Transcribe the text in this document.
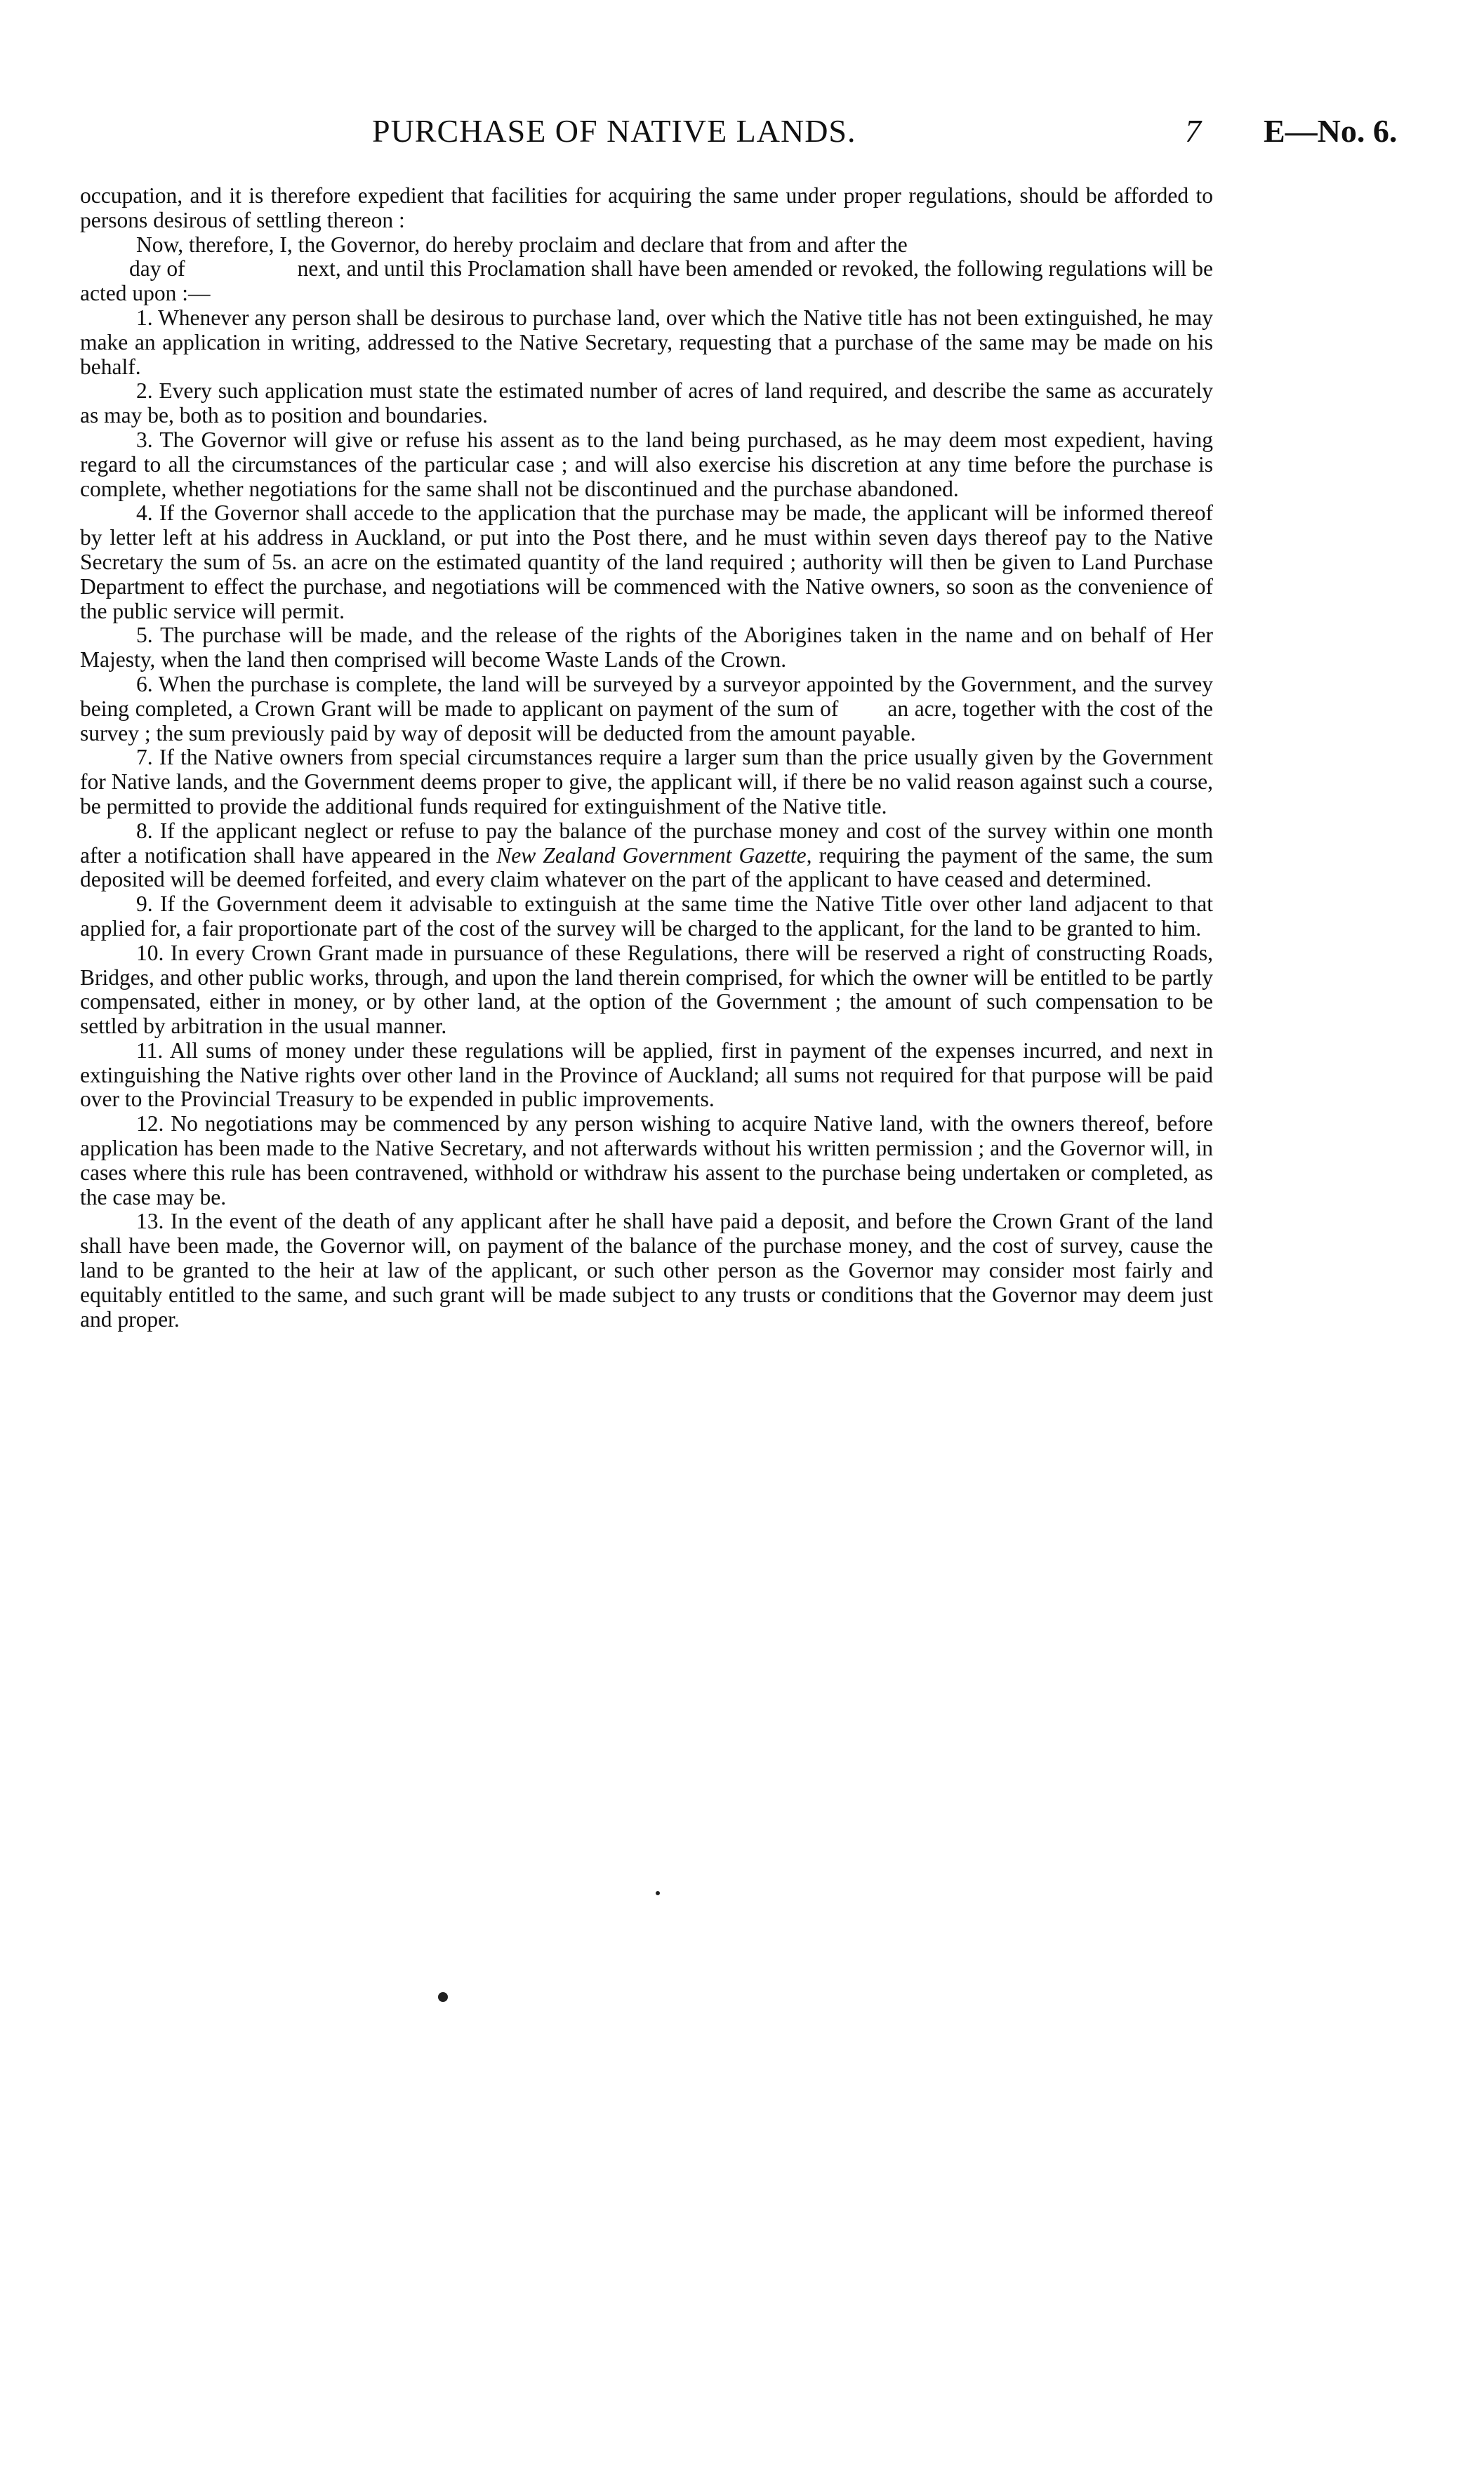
PURCHASE OF NATIVE LANDS.	7 E—No. 6.

occupation, and it is therefore expedient that facilities for acquiring the same under proper regulations, should be afforded to persons desirous of settling thereon :

Now, therefore, I, the Governor, do hereby proclaim and declare that from and after the
day of	next, and until this Proclamation shall have been amended or revoked, the following regulations will be acted upon :—

1. Whenever any person shall be desirous to purchase land, over which the Native title has not been extinguished, he may make an application in writing, addressed to the Native Secretary, requesting that a purchase of the same may be made on his behalf.

2. Every such application must state the estimated number of acres of land required, and describe the same as accurately as may be, both as to position and boundaries.

3. The Governor will give or refuse his assent as to the land being purchased, as he may deem most expedient, having regard to all the circumstances of the particular case ; and will also exercise his discretion at any time before the purchase is complete, whether negotiations for the same shall not be discontinued and the purchase abandoned.

4. If the Governor shall accede to the application that the purchase may be made, the applicant will be informed thereof by letter left at his address in Auckland, or put into the Post there, and he must within seven days thereof pay to the Native Secretary the sum of 5s. an acre on the estimated quantity of the land required ; authority will then be given to Land Purchase Department to effect the purchase, and negotiations will be commenced with the Native owners, so soon as the convenience of the public service will permit.

5. The purchase will be made, and the release of the rights of the Aborigines taken in the name and on behalf of Her Majesty, when the land then comprised will become Waste Lands of the Crown.

6. When the purchase is complete, the land will be surveyed by a surveyor appointed by the Government, and the survey being completed, a Crown Grant will be made to applicant on payment of the sum of an acre, together with the cost of the survey ; the sum previously paid by way of deposit will be deducted from the amount payable.

7. If the Native owners from special circumstances require a larger sum than the price usually given by the Government for Native lands, and the Government deems proper to give, the applicant will, if there be no valid reason against such a course, be permitted to provide the additional funds required for extinguishment of the Native title.

8. If the applicant neglect or refuse to pay the balance of the purchase money and cost of the survey within one month after a notification shall have appeared in the New Zealand Government Gazette, requiring the payment of the same, the sum deposited will be deemed forfeited, and every claim whatever on the part of the applicant to have ceased and determined.

9. If the Government deem it advisable to extinguish at the same time the Native Title over other land adjacent to that applied for, a fair proportionate part of the cost of the survey will be charged to the applicant, for the land to be granted to him.

10. In every Crown Grant made in pursuance of these Regulations, there will be reserved a right of constructing Roads, Bridges, and other public works, through, and upon the land therein comprised, for which the owner will be entitled to be partly compensated, either in money, or by other land, at the option of the Government ; the amount of such compensation to be settled by arbitration in the usual manner.

11. All sums of money under these regulations will be applied, first in payment of the expenses incurred, and next in extinguishing the Native rights over other land in the Province of Auckland; all sums not required for that purpose will be paid over to the Provincial Treasury to be expended in public improvements.

12. No negotiations may be commenced by any person wishing to acquire Native land, with the owners thereof, before application has been made to the Native Secretary, and not afterwards without his written permission ; and the Governor will, in cases where this rule has been contravened, withhold or withdraw his assent to the purchase being undertaken or completed, as the case may be.

13. In the event of the death of any applicant after he shall have paid a deposit, and before the Crown Grant of the land shall have been made, the Governor will, on payment of the balance of the purchase money, and the cost of survey, cause the land to be granted to the heir at law of the applicant, or such other person as the Governor may consider most fairly and equitably entitled to the same, and such grant will be made subject to any trusts or conditions that the Governor may deem just and proper.
